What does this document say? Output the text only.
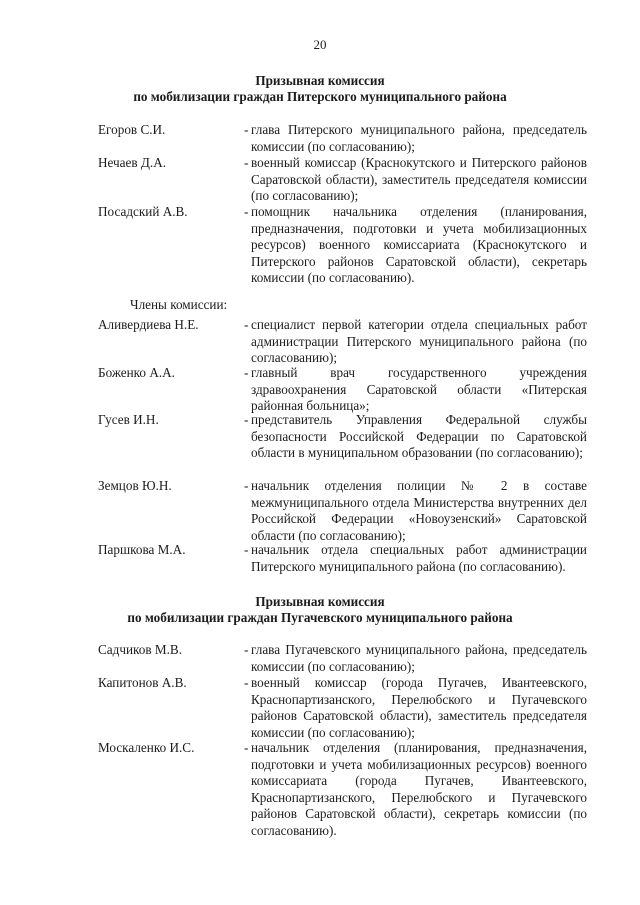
20
Призывная комиссия
по мобилизации граждан Питерского муниципального района
Егоров С.И.	- глава Питерского муниципального района, председатель комиссии (по согласованию);
Нечаев Д.А.	- военный комиссар (Краснокутского и Питерского районов Саратовской области), заместитель председателя комиссии (по согласованию);
Посадский А.В.	- помощник начальника отделения (планирования, предназначения, подготовки и учета мобилизационных ресурсов) военного комиссариата (Краснокутского и Питерского районов Саратовской области), секретарь комиссии (по согласованию).
Члены комиссии:
Аливердиева Н.Е.	- специалист первой категории отдела специальных работ администрации Питерского муниципального района (по согласованию);
Боженко А.А.	- главный врач государственного учреждения здравоохранения Саратовской области «Питерская районная больница»;
Гусев И.Н.	- представитель Управления Федеральной службы безопасности Российской Федерации по Саратовской области в муниципальном образовании (по согласованию);
Земцов Ю.Н.	- начальник отделения полиции № 2 в составе межмуниципального отдела Министерства внутренних дел Российской Федерации «Новоузенский» Саратовской области (по согласованию);
Паршкова М.А.	- начальник отдела специальных работ администрации Питерского муниципального района (по согласованию).
Призывная комиссия
по мобилизации граждан Пугачевского муниципального района
Садчиков М.В.	- глава Пугачевского муниципального района, председатель комиссии (по согласованию);
Капитонов А.В.	- военный комиссар (города Пугачев, Ивантеевского, Краснопартизанского, Перелюбского и Пугачевского районов Саратовской области), заместитель председателя комиссии (по согласованию);
Москаленко И.С.	- начальник отделения (планирования, предназначения, подготовки и учета мобилизационных ресурсов) военного комиссариата (города Пугачев, Ивантеевского, Краснопартизанского, Перелюбского и Пугачевского районов Саратовской области), секретарь комиссии (по согласованию).
